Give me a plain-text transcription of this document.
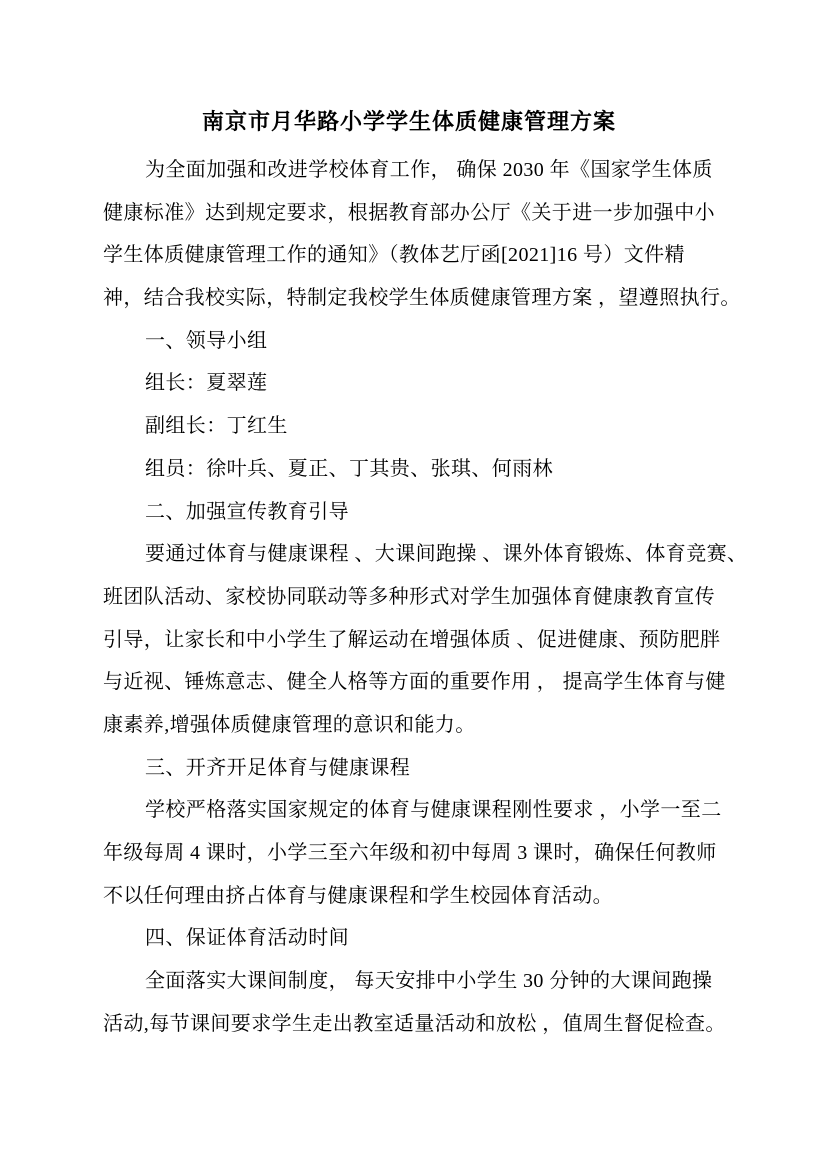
南京市月华路小学学生体质健康管理方案
为全面加强和改进学校体育工作， 确保 2030 年《国家学生体质
健康标准》达到规定要求，根据教育部办公厅《关于进一步加强中小
学生体质健康管理工作的通知》（教体艺厅函[2021]16 号）文件精
神，结合我校实际，特制定我校学生体质健康管理方案 ，望遵照执行。
一、领导小组
组长：夏翠莲
副组长：丁红生
组员：徐叶兵、夏正、丁其贵、张琪、何雨林
二、加强宣传教育引导
要通过体育与健康课程 、大课间跑操 、课外体育锻炼、体育竞赛、
班团队活动、家校协同联动等多种形式对学生加强体育健康教育宣传
引导，让家长和中小学生了解运动在增强体质 、促进健康、预防肥胖
与近视、锤炼意志、健全人格等方面的重要作用 ， 提高学生体育与健
康素养,增强体质健康管理的意识和能力。
三、开齐开足体育与健康课程
学校严格落实国家规定的体育与健康课程刚性要求 ，小学一至二
年级每周 4 课时，小学三至六年级和初中每周 3 课时，确保任何教师
不以任何理由挤占体育与健康课程和学生校园体育活动。
四、保证体育活动时间
全面落实大课间制度， 每天安排中小学生 30 分钟的大课间跑操
活动,每节课间要求学生走出教室适量活动和放松 ，值周生督促检查。
